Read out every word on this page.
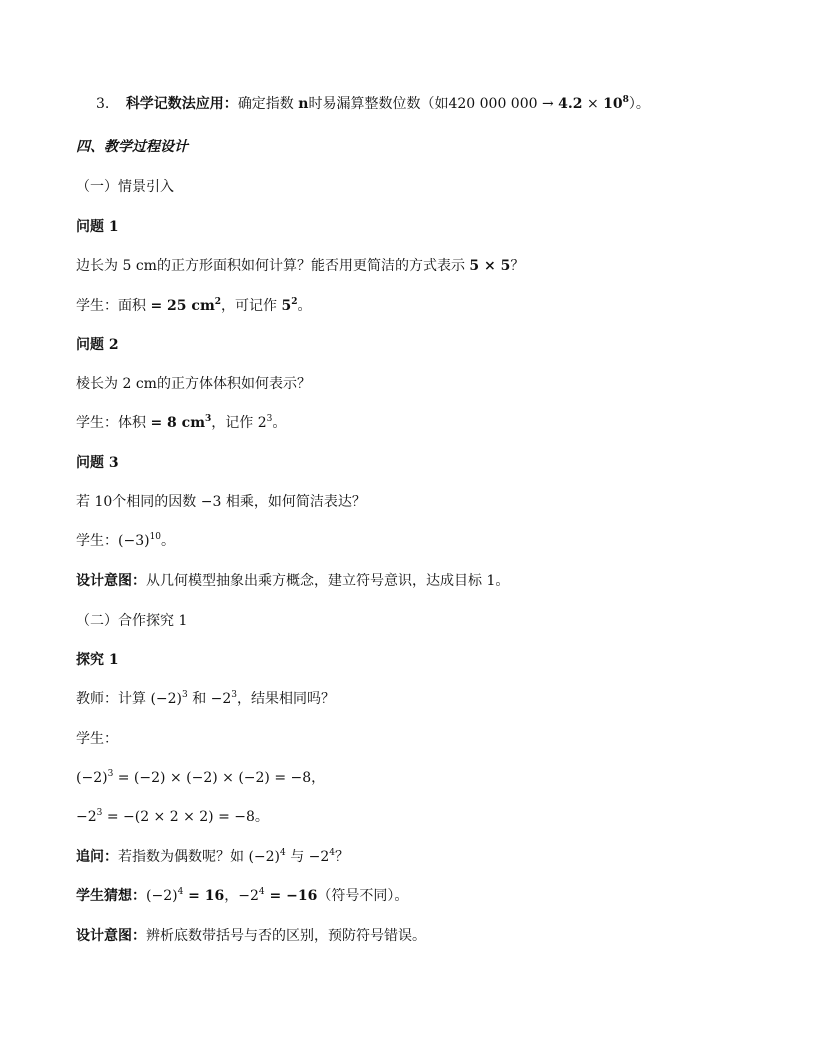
3. 科学记数法应用：确定指数 n时易漏算整数位数（如420 000 $000 \to 4.2 \times 10^8$）。
四、教学过程设计
（一）情景引入
问题 1
边长为 5 cm的正方形面积如何计算？能否用更简洁的方式表示 5 × 5？
学生：面积 = 25 $cm^2$，可记作 $5^2$。
问题 2
棱长为 2 cm的正方体体积如何表示？
学生：体积 = 8 $cm^3$，记作 $2^3$。
问题 3
若 10个相同的因数 −3 相乘，如何简洁表达？
学生：$(-3)^{10}$。
设计意图：从几何模型抽象出乘方概念，建立符号意识，达成目标 1。
（二）合作探究 1
探究 1
教师：计算 $(-2)^3$ 和 $-2^3$，结果相同吗？
学生：
$(-2)^3 = (-2) \times (-2) \times (-2) = -8$，
$-2^3 = -(2 \times 2 \times 2) = -8$。
追问：若指数为偶数呢？如 $(-2)^4$ 与 $-2^4$？
学生猜想：$(-2)^4 = 16$，$-2^4 = -16$（符号不同）。
设计意图：辨析底数带括号与否的区别，预防符号错误。
